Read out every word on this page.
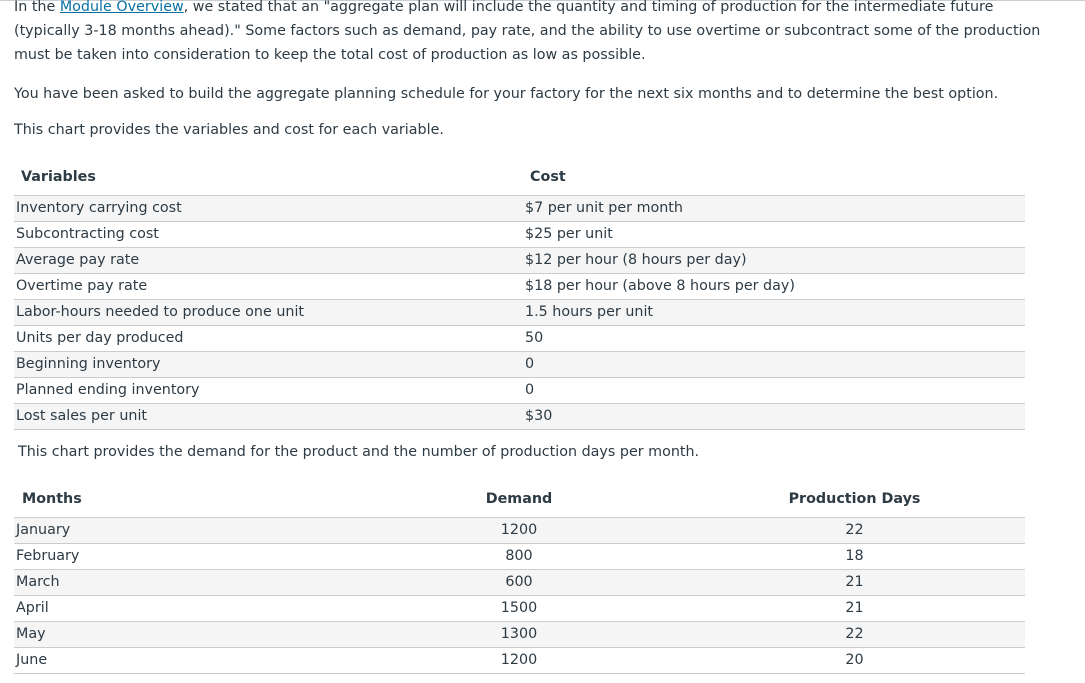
In the Module Overview, we stated that an "aggregate plan will include the quantity and timing of production for the intermediate future (typically 3-18 months ahead)." Some factors such as demand, pay rate, and the ability to use overtime or subcontract some of the production must be taken into consideration to keep the total cost of production as low as possible.

You have been asked to build the aggregate planning schedule for your factory for the next six months and to determine the best option.

This chart provides the variables and cost for each variable.

Variables	Cost
Inventory carrying cost	$7 per unit per month
Subcontracting cost	$25 per unit
Average pay rate	$12 per hour (8 hours per day)
Overtime pay rate	$18 per hour (above 8 hours per day)
Labor-hours needed to produce one unit	1.5 hours per unit
Units per day produced	50
Beginning inventory	0
Planned ending inventory	0
Lost sales per unit	$30

This chart provides the demand for the product and the number of production days per month.

Months	Demand	Production Days
January	1200	22
February	800	18
March	600	21
April	1500	21
May	1300	22
June	1200	20
